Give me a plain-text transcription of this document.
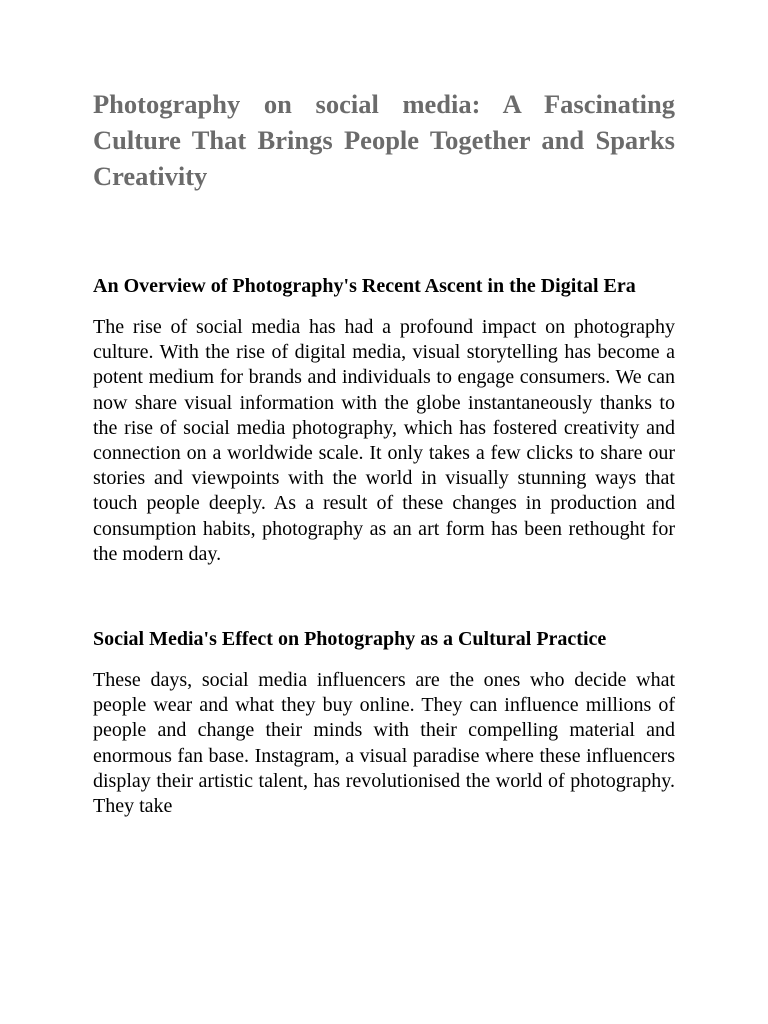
Photography on social media: A Fascinating Culture That Brings People Together and Sparks Creativity
An Overview of Photography's Recent Ascent in the Digital Era

The rise of social media has had a profound impact on photography culture. With the rise of digital media, visual storytelling has become a potent medium for brands and individuals to engage consumers. We can now share visual information with the globe instantaneously thanks to the rise of social media photography, which has fostered creativity and connection on a worldwide scale. It only takes a few clicks to share our stories and viewpoints with the world in visually stunning ways that touch people deeply. As a result of these changes in production and consumption habits, photography as an art form has been rethought for the modern day.

Social Media's Effect on Photography as a Cultural Practice

These days, social media influencers are the ones who decide what people wear and what they buy online. They can influence millions of people and change their minds with their compelling material and enormous fan base. Instagram, a visual paradise where these influencers display their artistic talent, has revolutionised the world of photography. They take
